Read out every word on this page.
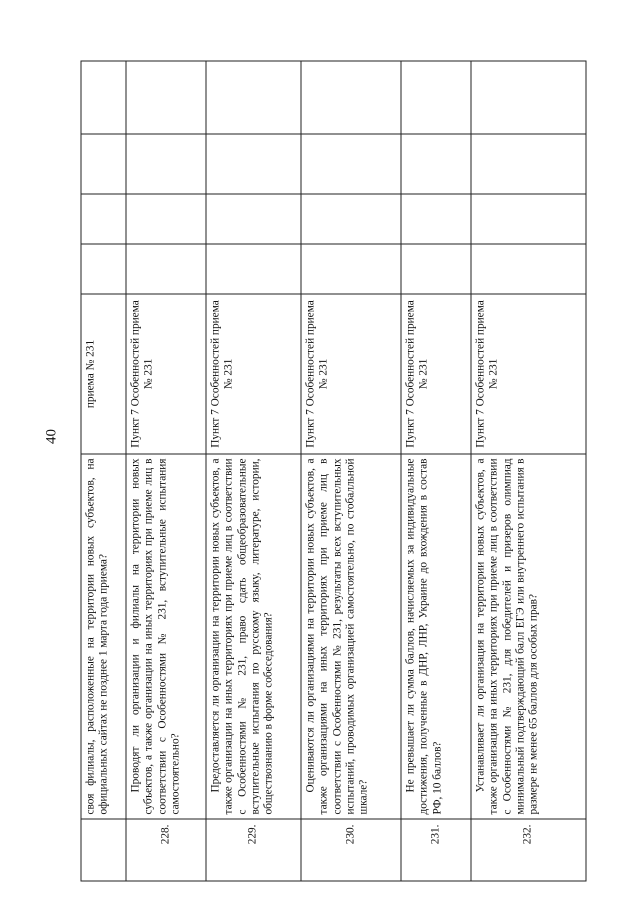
40

	своя филиалы, расположенные на территории новых субъектов, на официальных сайтах не позднее 1 марта года приема?	приема № 231				
228.	Проводят ли организации и филиалы на территории новых субъектов, а также организации на иных территориях при приеме лиц в соответствии с Особенностями № 231, вступительные испытания самостоятельно?	Пункт 7 Особенностей приема № 231				
229.	Предоставляется ли организации на территории новых субъектов, а также организации на иных территориях при приеме лиц в соответствии с Особенностями № 231, право сдать общеобразовательные вступительные испытания по русскому языку, литературе, истории, обществознанию в форме собеседования?	Пункт 7 Особенностей приема № 231				
230.	Оцениваются ли организациями на территории новых субъектов, а также организациями на иных территориях при приеме лиц в соответствии с Особенностями № 231, результаты всех вступительных испытаний, проводимых организацией самостоятельно, по стобалльной шкале?	Пункт 7 Особенностей приема № 231				
231.	Не превышает ли сумма баллов, начисляемых за индивидуальные достижения, полученные в ДНР, ЛНР, Украине до вхождения в состав РФ, 10 баллов?	Пункт 7 Особенностей приема № 231				
232.	Устанавливает ли организация на территории новых субъектов, а также организация на иных территориях при приеме лиц в соответствии с Особенностями № 231, для победителей и призеров олимпиад минимальный подтверждающий балл ЕГЭ или внутреннего испытания в размере не менее 65 баллов для особых прав?	Пункт 7 Особенностей приема № 231				
